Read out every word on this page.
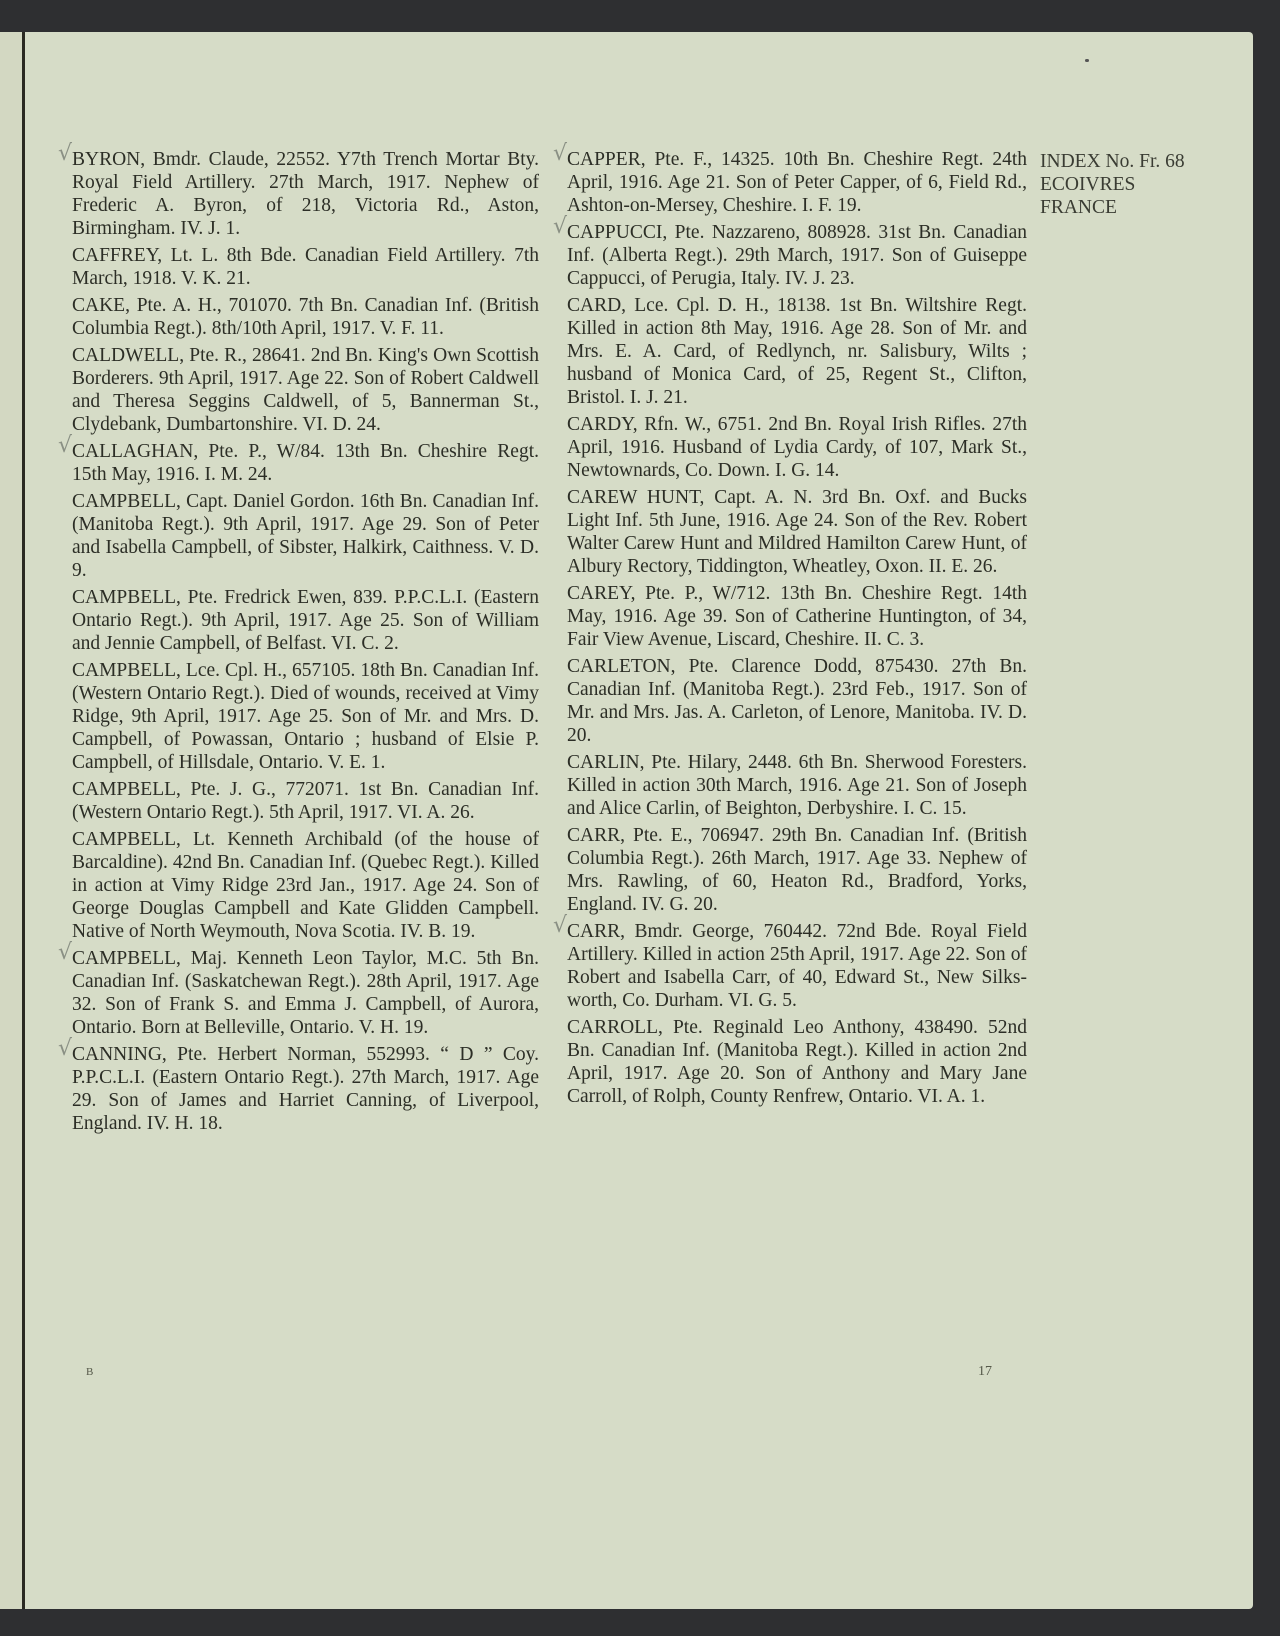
√ BYRON, Bmdr. Claude, 22552. Y7th Trench Mortar Bty. Royal Field Artillery. 27th March, 1917. Nephew of Frederic A. Byron, of 218, Victoria Rd., Aston, Birmingham. IV. J. 1.

CAFFREY, Lt. L. 8th Bde. Canadian Field Artillery. 7th March, 1918. V. K. 21.

CAKE, Pte. A. H., 701070. 7th Bn. Canadian Inf. (British Columbia Regt.). 8th/10th April, 1917. V. F. 11.

CALDWELL, Pte. R., 28641. 2nd Bn. King's Own Scottish Borderers. 9th April, 1917. Age 22. Son of Robert Caldwell and Theresa Seggins Caldwell, of 5, Bannerman St., Clydebank, Dumbartonshire. VI. D. 24.

√ CALLAGHAN, Pte. P., W/84. 13th Bn. Cheshire Regt. 15th May, 1916. I. M. 24.

CAMPBELL, Capt. Daniel Gordon. 16th Bn. Canadian Inf. (Manitoba Regt.). 9th April, 1917. Age 29. Son of Peter and Isabella Campbell, of Sibster, Halkirk, Caithness. V. D. 9.

CAMPBELL, Pte. Fredrick Ewen, 839. P.P.C.L.I. (Eastern Ontario Regt.). 9th April, 1917. Age 25. Son of William and Jennie Campbell, of Belfast. VI. C. 2.

CAMPBELL, Lce. Cpl. H., 657105. 18th Bn. Canadian Inf. (Western Ontario Regt.). Died of wounds, received at Vimy Ridge, 9th April, 1917. Age 25. Son of Mr. and Mrs. D. Campbell, of Powassan, Ontario ; husband of Elsie P. Campbell, of Hillsdale, Ontario. V. E. 1.

CAMPBELL, Pte. J. G., 772071. 1st Bn. Canadian Inf. (Western Ontario Regt.). 5th April, 1917. VI. A. 26.

CAMPBELL, Lt. Kenneth Archibald (of the house of Barcaldine). 42nd Bn. Canadian Inf. (Quebec Regt.). Killed in action at Vimy Ridge 23rd Jan., 1917. Age 24. Son of George Douglas Campbell and Kate Glidden Campbell. Native of North Weymouth, Nova Scotia. IV. B. 19.

√ CAMPBELL, Maj. Kenneth Leon Taylor, M.C. 5th Bn. Canadian Inf. (Saskatchewan Regt.). 28th April, 1917. Age 32. Son of Frank S. and Emma J. Campbell, of Aurora, Ontario. Born at Belleville, Ontario. V. H. 19.

√ CANNING, Pte. Herbert Norman, 552993. “ D ” Coy. P.P.C.L.I. (Eastern Ontario Regt.). 27th March, 1917. Age 29. Son of James and Harriet Canning, of Liverpool, England. IV. H. 18.

√ CAPPER, Pte. F., 14325. 10th Bn. Cheshire Regt. 24th April, 1916. Age 21. Son of Peter Capper, of 6, Field Rd., Ashton-on-Mersey, Cheshire. I. F. 19.

√ CAPPUCCI, Pte. Nazzareno, 808928. 31st Bn. Canadian Inf. (Alberta Regt.). 29th March, 1917. Son of Guiseppe Cappucci, of Perugia, Italy. IV. J. 23.

CARD, Lce. Cpl. D. H., 18138. 1st Bn. Wiltshire Regt. Killed in action 8th May, 1916. Age 28. Son of Mr. and Mrs. E. A. Card, of Redlynch, nr. Salisbury, Wilts ; husband of Monica Card, of 25, Regent St., Clifton, Bristol. I. J. 21.

CARDY, Rfn. W., 6751. 2nd Bn. Royal Irish Rifles. 27th April, 1916. Husband of Lydia Cardy, of 107, Mark St., Newtownards, Co. Down. I. G. 14.

CAREW HUNT, Capt. A. N. 3rd Bn. Oxf. and Bucks Light Inf. 5th June, 1916. Age 24. Son of the Rev. Robert Walter Carew Hunt and Mildred Hamilton Carew Hunt, of Albury Rectory, Tiddington, Wheatley, Oxon. II. E. 26.

CAREY, Pte. P., W/712. 13th Bn. Cheshire Regt. 14th May, 1916. Age 39. Son of Catherine Huntington, of 34, Fair View Avenue, Liscard, Cheshire. II. C. 3.

CARLETON, Pte. Clarence Dodd, 875430. 27th Bn. Canadian Inf. (Manitoba Regt.). 23rd Feb., 1917. Son of Mr. and Mrs. Jas. A. Carleton, of Lenore, Manitoba. IV. D. 20.

CARLIN, Pte. Hilary, 2448. 6th Bn. Sherwood Foresters. Killed in action 30th March, 1916. Age 21. Son of Joseph and Alice Carlin, of Beighton, Derbyshire. I. C. 15.

CARR, Pte. E., 706947. 29th Bn. Canadian Inf. (British Columbia Regt.). 26th March, 1917. Age 33. Nephew of Mrs. Rawling, of 60, Heaton Rd., Bradford, Yorks, England. IV. G. 20.

√ CARR, Bmdr. George, 760442. 72nd Bde. Royal Field Artillery. Killed in action 25th April, 1917. Age 22. Son of Robert and Isabella Carr, of 40, Edward St., New Silks-worth, Co. Durham. VI. G. 5.

CARROLL, Pte. Reginald Leo Anthony, 438490. 52nd Bn. Canadian Inf. (Manitoba Regt.). Killed in action 2nd April, 1917. Age 20. Son of Anthony and Mary Jane Carroll, of Rolph, County Renfrew, Ontario. VI. A. 1.

INDEX No. Fr. 68
ECOIVRES
FRANCE
B	17
